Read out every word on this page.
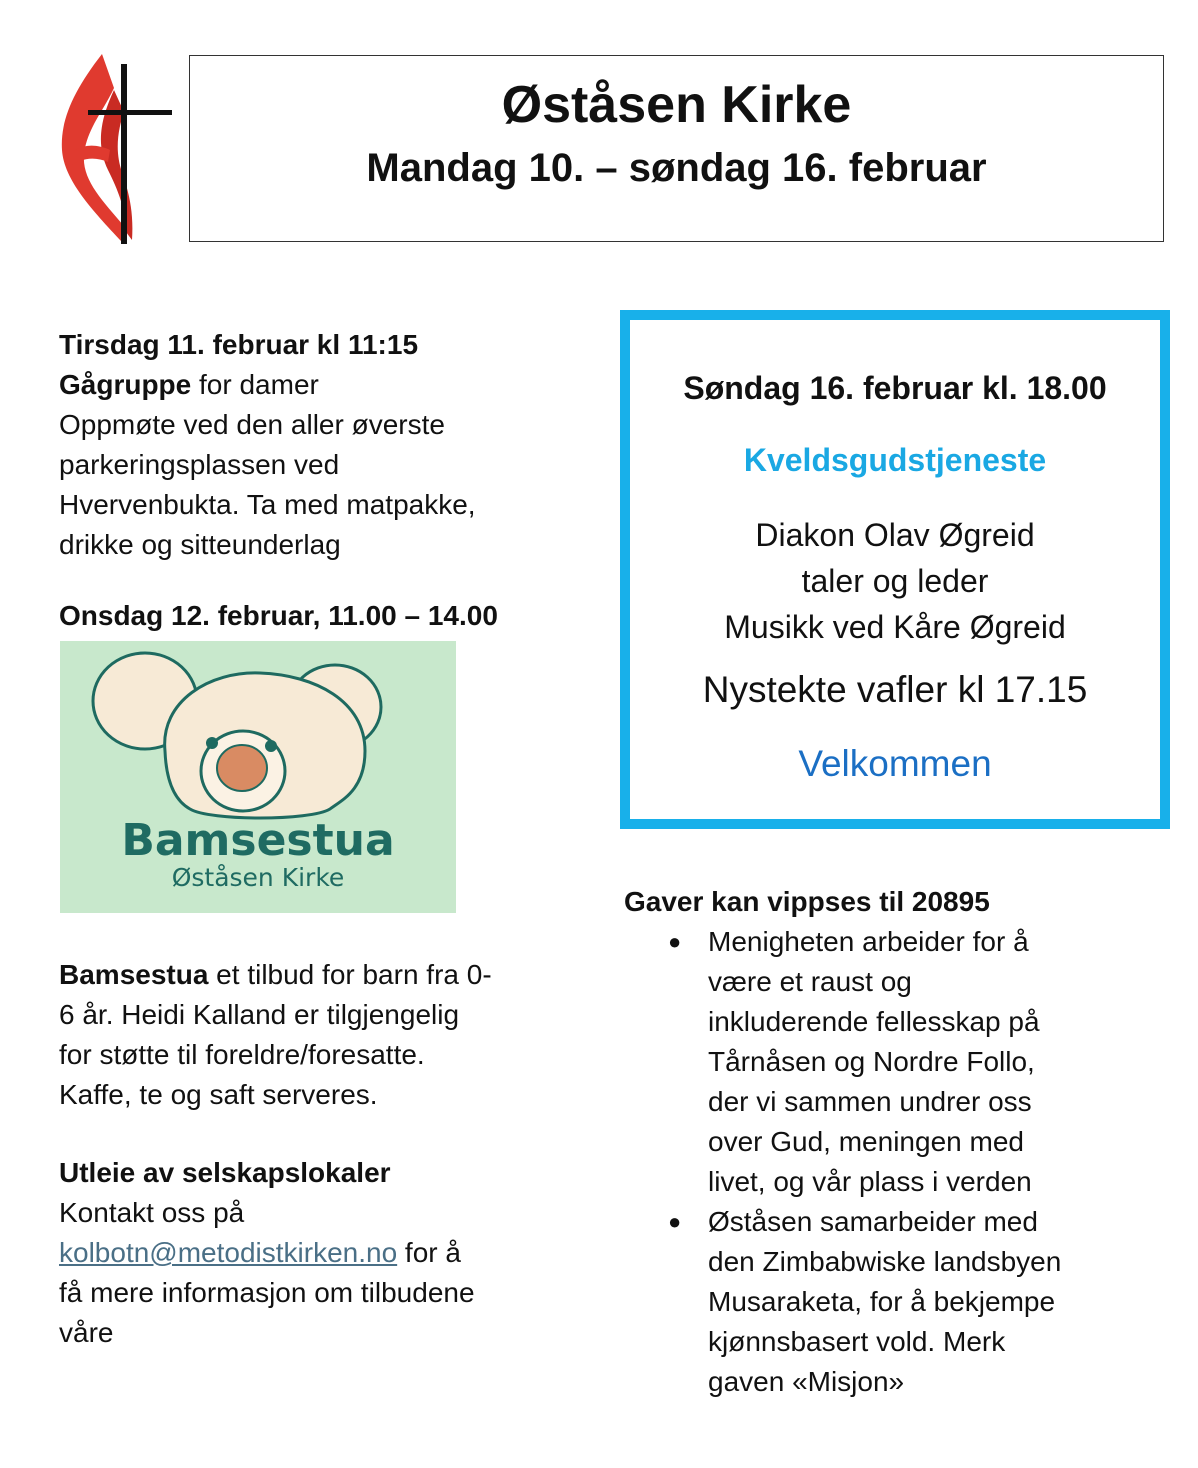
Øståsen Kirke
Mandag 10. – søndag 16. februar
Tirsdag 11. februar kl 11:15
Gågruppe for damer
Oppmøte ved den aller øverste
parkeringsplassen ved
Hvervenbukta. Ta med matpakke,
drikke og sitteunderlag
Onsdag 12. februar, 11.00 – 14.00
Bamsestua
Øståsen Kirke
Bamsestua et tilbud for barn fra 0-
6 år. Heidi Kalland er tilgjengelig
for støtte til foreldre/foresatte.
Kaffe, te og saft serveres.
Utleie av selskapslokaler
Kontakt oss på
kolbotn@metodistkirken.no for å
få mere informasjon om tilbudene
våre
Søndag 16. februar kl. 18.00
Kveldsgudstjeneste
Diakon Olav Øgreid
taler og leder
Musikk ved Kåre Øgreid
Nystekte vafler kl 17.15
Velkommen
Gaver kan vippses til 20895
● Menigheten arbeider for å
være et raust og
inkluderende fellesskap på
Tårnåsen og Nordre Follo,
der vi sammen undrer oss
over Gud, meningen med
livet, og vår plass i verden
● Øståsen samarbeider med
den Zimbabwiske landsbyen
Musaraketa, for å bekjempe
kjønnsbasert vold. Merk
gaven «Misjon»
